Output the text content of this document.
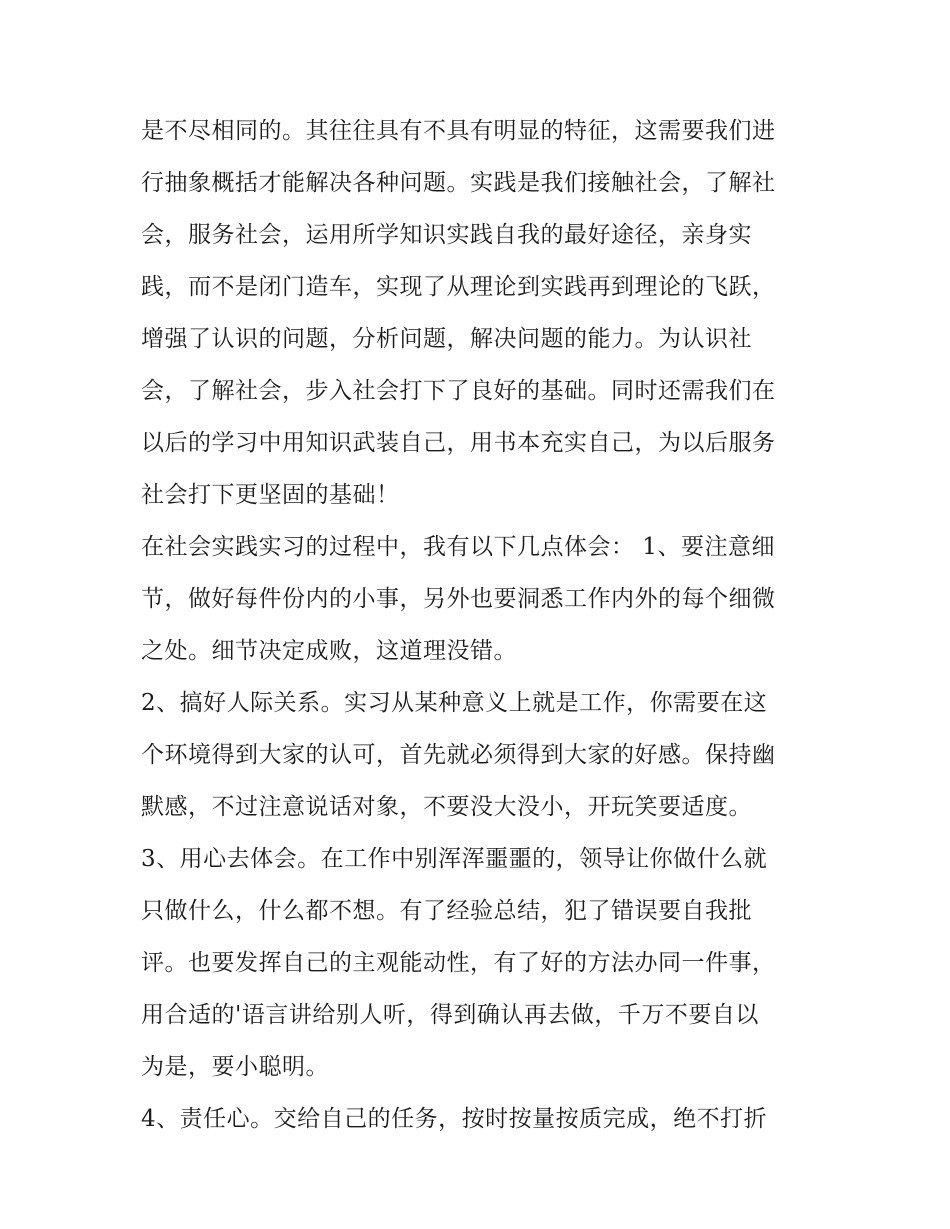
是不尽相同的。其往往具有不具有明显的特征，这需要我们进
行抽象概括才能解决各种问题。实践是我们接触社会，了解社
会，服务社会，运用所学知识实践自我的最好途径，亲身实
践，而不是闭门造车，实现了从理论到实践再到理论的飞跃，
增强了认识的问题，分析问题，解决问题的能力。为认识社
会，了解社会，步入社会打下了良好的基础。同时还需我们在
以后的学习中用知识武装自己，用书本充实自己，为以后服务
社会打下更坚固的基础！
在社会实践实习的过程中，我有以下几点体会： 1、要注意细
节，做好每件份内的小事，另外也要洞悉工作内外的每个细微
之处。细节决定成败，这道理没错。
2、搞好人际关系。实习从某种意义上就是工作，你需要在这
个环境得到大家的认可，首先就必须得到大家的好感。保持幽
默感，不过注意说话对象，不要没大没小，开玩笑要适度。
3、用心去体会。在工作中别浑浑噩噩的，领导让你做什么就
只做什么，什么都不想。有了经验总结，犯了错误要自我批
评。也要发挥自己的主观能动性，有了好的方法办同一件事，
用合适的'语言讲给别人听，得到确认再去做，千万不要自以
为是，要小聪明。
4、责任心。交给自己的任务，按时按量按质完成，绝不打折
